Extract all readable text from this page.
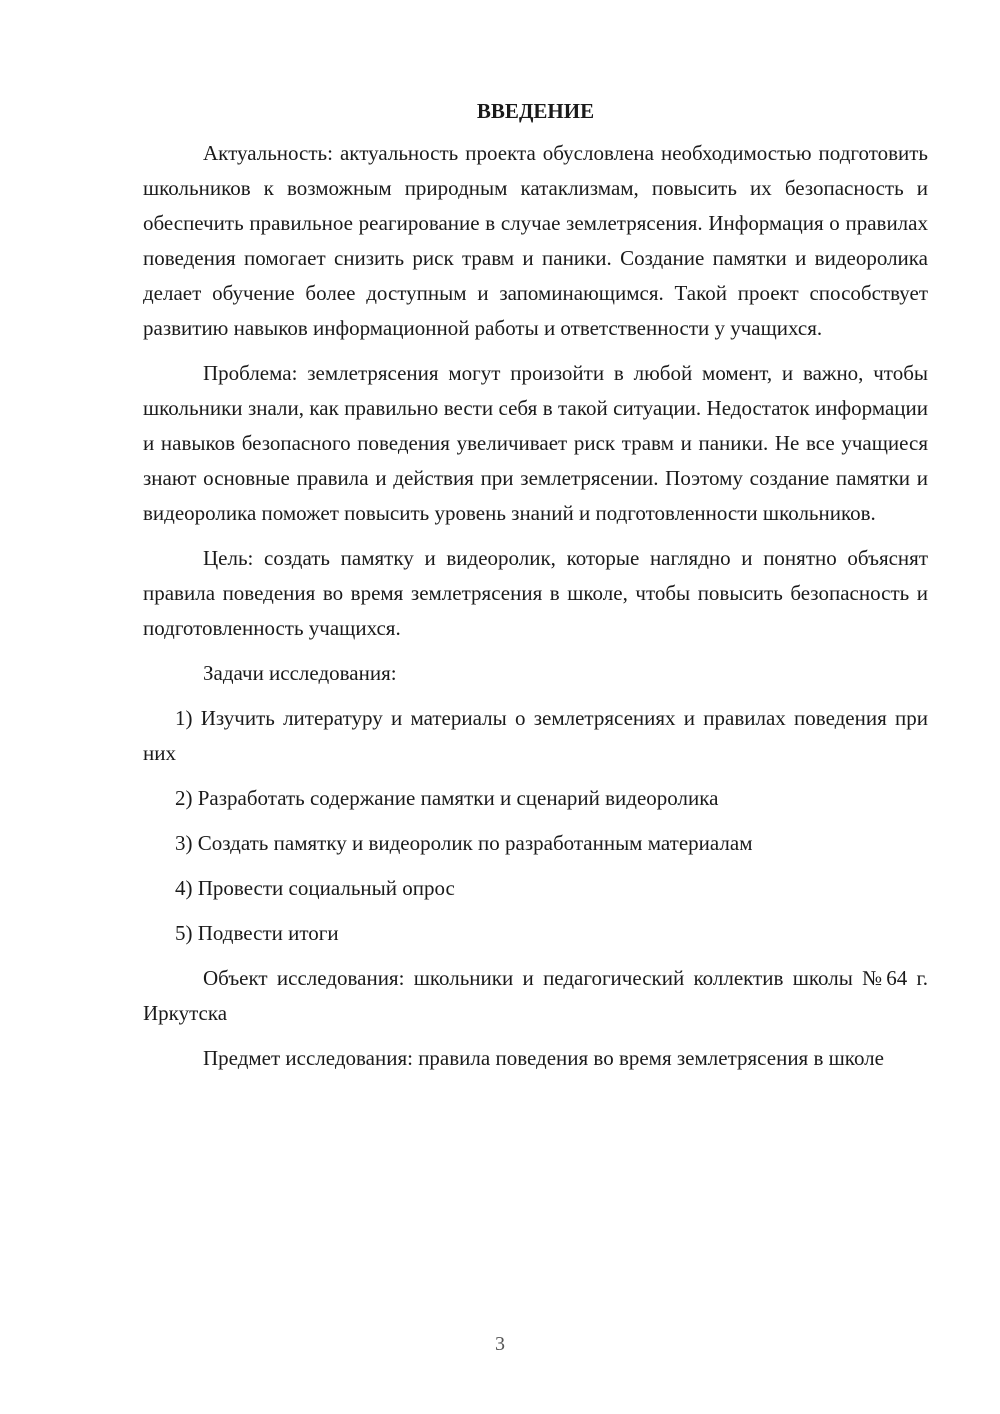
ВВЕДЕНИЕ

Актуальность: актуальность проекта обусловлена необходимостью подготовить школьников к возможным природным катаклизмам, повысить их безопасность и обеспечить правильное реагирование в случае землетрясения. Информация о правилах поведения помогает снизить риск травм и паники. Создание памятки и видеоролика делает обучение более доступным и запоминающимся. Такой проект способствует развитию навыков информационной работы и ответственности у учащихся.

Проблема: землетрясения могут произойти в любой момент, и важно, чтобы школьники знали, как правильно вести себя в такой ситуации. Недостаток информации и навыков безопасного поведения увеличивает риск травм и паники. Не все учащиеся знают основные правила и действия при землетрясении. Поэтому создание памятки и видеоролика поможет повысить уровень знаний и подготовленности школьников.

Цель: создать памятку и видеоролик, которые наглядно и понятно объяснят правила поведения во время землетрясения в школе, чтобы повысить безопасность и подготовленность учащихся.

Задачи исследования:

1) Изучить литературу и материалы о землетрясениях и правилах поведения при них

2) Разработать содержание памятки и сценарий видеоролика

3) Создать памятку и видеоролик по разработанным материалам

4) Провести социальный опрос

5) Подвести итоги

Объект исследования: школьники и педагогический коллектив школы №64 г. Иркутска

Предмет исследования: правила поведения во время землетрясения в школе

3
